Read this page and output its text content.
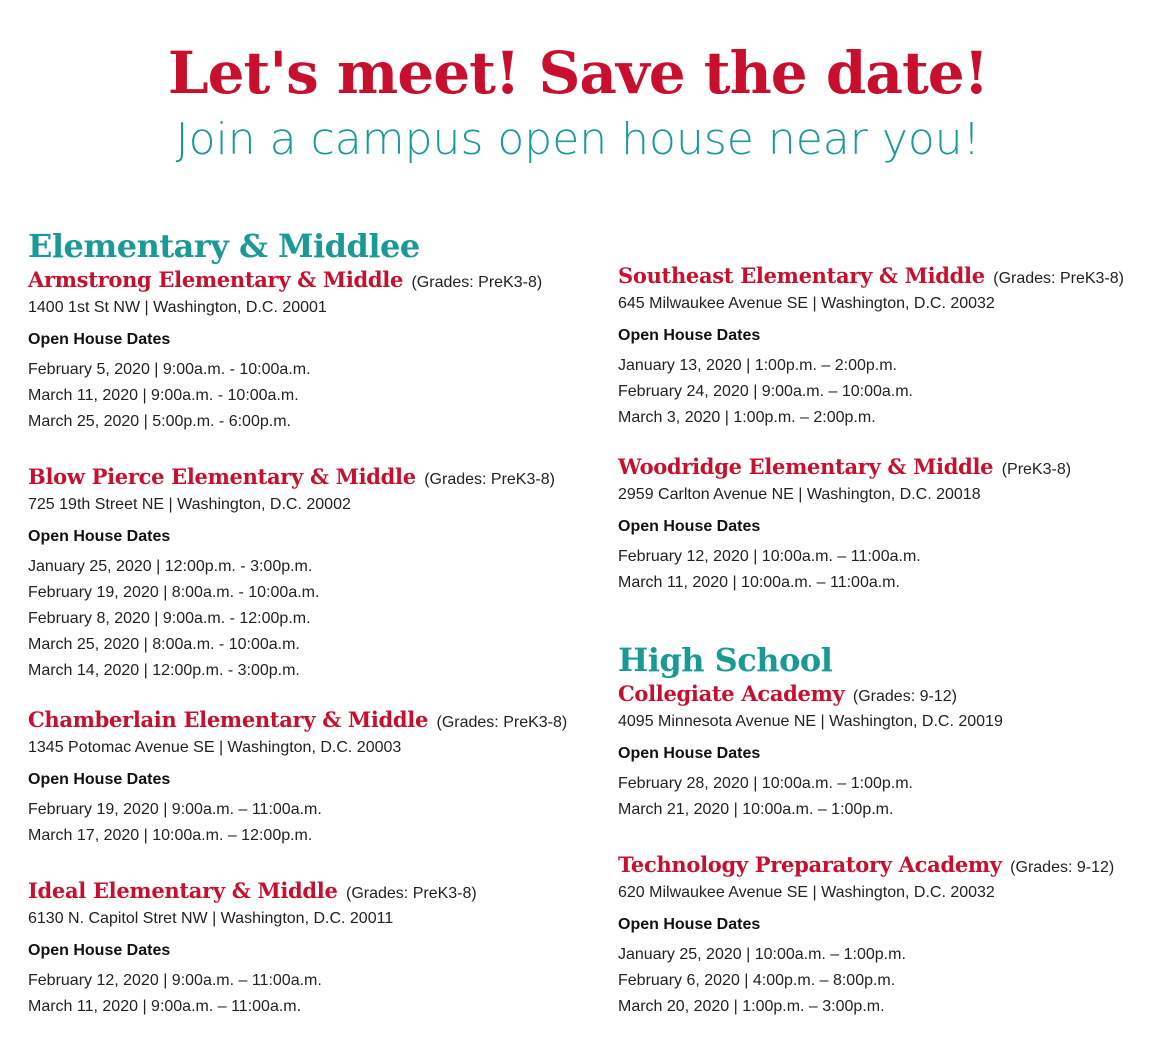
Let's meet! Save the date!
Join a campus open house near you!
Elementary & Middlee
Armstrong Elementary & Middle (Grades: PreK3-8)
1400 1st St NW | Washington, D.C. 20001
Open House Dates
February 5, 2020 | 9:00a.m. - 10:00a.m.
March 11, 2020 | 9:00a.m. - 10:00a.m.
March 25, 2020 | 5:00p.m. - 6:00p.m.
Blow Pierce Elementary & Middle (Grades: PreK3-8)
725 19th Street NE | Washington, D.C. 20002
Open House Dates
January 25, 2020 | 12:00p.m. - 3:00p.m.
February 19, 2020 | 8:00a.m. - 10:00a.m.
February 8, 2020 | 9:00a.m. - 12:00p.m.
March 25, 2020 | 8:00a.m. - 10:00a.m.
March 14, 2020 | 12:00p.m. - 3:00p.m.
Chamberlain Elementary & Middle (Grades: PreK3-8)
1345 Potomac Avenue SE | Washington, D.C. 20003
Open House Dates
February 19, 2020 | 9:00a.m. – 11:00a.m.
March 17, 2020 | 10:00a.m. – 12:00p.m.
Ideal Elementary & Middle (Grades: PreK3-8)
6130 N. Capitol Stret NW | Washington, D.C. 20011
Open House Dates
February 12, 2020 | 9:00a.m. – 11:00a.m.
March 11, 2020 | 9:00a.m. – 11:00a.m.
Southeast Elementary & Middle (Grades: PreK3-8)
645 Milwaukee Avenue SE | Washington, D.C. 20032
Open House Dates
January 13, 2020 | 1:00p.m. – 2:00p.m.
February 24, 2020 | 9:00a.m. – 10:00a.m.
March 3, 2020 | 1:00p.m. – 2:00p.m.
Woodridge Elementary & Middle (PreK3-8)
2959 Carlton Avenue NE | Washington, D.C. 20018
Open House Dates
February 12, 2020 | 10:00a.m. – 11:00a.m.
March 11, 2020 | 10:00a.m. – 11:00a.m.
High School
Collegiate Academy (Grades: 9-12)
4095 Minnesota Avenue NE | Washington, D.C. 20019
Open House Dates
February 28, 2020 | 10:00a.m. – 1:00p.m.
March 21, 2020 | 10:00a.m. – 1:00p.m.
Technology Preparatory Academy (Grades: 9-12)
620 Milwaukee Avenue SE | Washington, D.C. 20032
Open House Dates
January 25, 2020 | 10:00a.m. – 1:00p.m.
February 6, 2020 | 4:00p.m. – 8:00p.m.
March 20, 2020 | 1:00p.m. – 3:00p.m.
